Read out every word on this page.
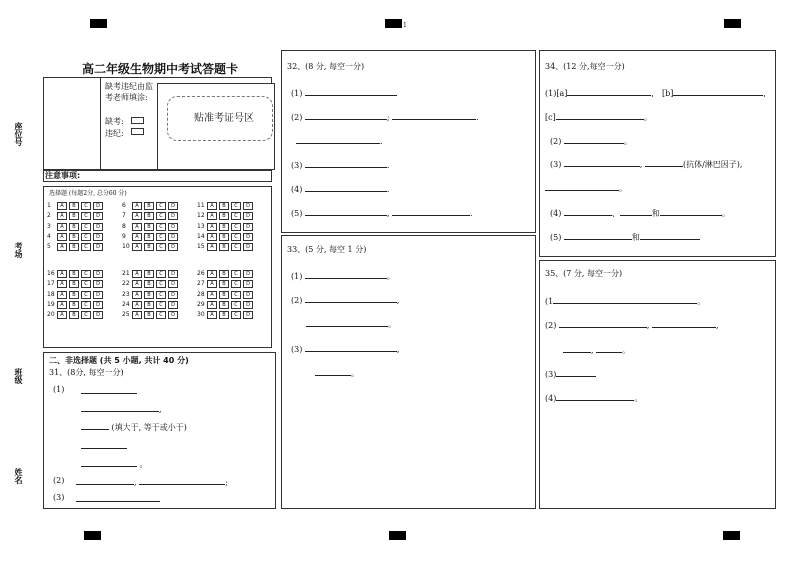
1
座位号
考场
班级
姓名
高二年级生物期中考试答题卡
缺考违纪由监
考老师填涂:
缺考:
违纪:
贴准考证号区
注意事项:
选择题 (每题2分, 总分60 分)
1 A B C D
2 A B C D
3 A B C D
4 A B C D
5 A B C D
6 A B C D
7 A B C D
8 A B C D
9 A B C D
10 A B C D
11 A B C D
12 A B C D
13 A B C D
14 A B C D
15 A B C D
16 A B C D
17 A B C D
18 A B C D
19 A B C D
20 A B C D
21 A B C D
22 A B C D
23 A B C D
24 A B C D
25 A B C D
26 A B C D
27 A B C D
28 A B C D
29 A B C D
30 A B C D
二、非选择题 (共 5 小题, 共计 40 分)
31、(8分, 每空一分)
(1)
,
(填大于, 等于或小于)
。
(2)	,	;
(3)
32、(8 分, 每空一分)
(1)
(2)	;	.
.
(3)	.
(4)	.
(5)	,	.
33、(5 分, 每空 1 分)
(1)	。
(2)	,
。
(3)	,
。
34、(12 分,每空一分)
(1)[a]	, [b]	,
[c]	。
(2)	。
(3)	,	(抗体/淋巴因子),
。
(4)	、	和	。
(5)	和
35、(7 分, 每空一分)
(1	。
(2)	,	,
,	。
(3)
(4)	。
